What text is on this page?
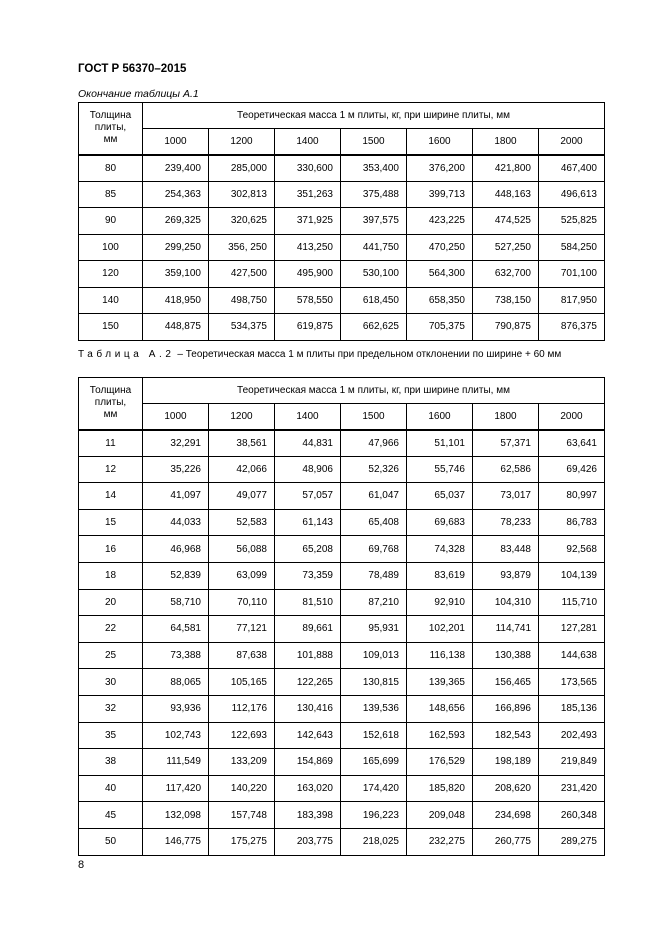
ГОСТ Р 56370–2015
Окончание таблицы А.1
Толщина
плиты,
мм	Теоретическая масса 1 м плиты, кг, при ширине плиты, мм						
	1000	1200	1400	1500	1600	1800	2000
80	239,400	285,000	330,600	353,400	376,200	421,800	467,400
85	254,363	302,813	351,263	375,488	399,713	448,163	496,613
90	269,325	320,625	371,925	397,575	423,225	474,525	525,825
100	299,250	356, 250	413,250	441,750	470,250	527,250	584,250
120	359,100	427,500	495,900	530,100	564,300	632,700	701,100
140	418,950	498,750	578,550	618,450	658,350	738,150	817,950
150	448,875	534,375	619,875	662,625	705,375	790,875	876,375
Таблица А.2 – Теоретическая масса 1 м плиты при предельном отклонении по ширине + 60 мм
Толщина
плиты,
мм	Теоретическая масса 1 м плиты, кг, при ширине плиты, мм						
	1000	1200	1400	1500	1600	1800	2000
11	32,291	38,561	44,831	47,966	51,101	57,371	63,641
12	35,226	42,066	48,906	52,326	55,746	62,586	69,426
14	41,097	49,077	57,057	61,047	65,037	73,017	80,997
15	44,033	52,583	61,143	65,408	69,683	78,233	86,783
16	46,968	56,088	65,208	69,768	74,328	83,448	92,568
18	52,839	63,099	73,359	78,489	83,619	93,879	104,139
20	58,710	70,110	81,510	87,210	92,910	104,310	115,710
22	64,581	77,121	89,661	95,931	102,201	114,741	127,281
25	73,388	87,638	101,888	109,013	116,138	130,388	144,638
30	88,065	105,165	122,265	130,815	139,365	156,465	173,565
32	93,936	112,176	130,416	139,536	148,656	166,896	185,136
35	102,743	122,693	142,643	152,618	162,593	182,543	202,493
38	111,549	133,209	154,869	165,699	176,529	198,189	219,849
40	117,420	140,220	163,020	174,420	185,820	208,620	231,420
45	132,098	157,748	183,398	196,223	209,048	234,698	260,348
50	146,775	175,275	203,775	218,025	232,275	260,775	289,275
8
